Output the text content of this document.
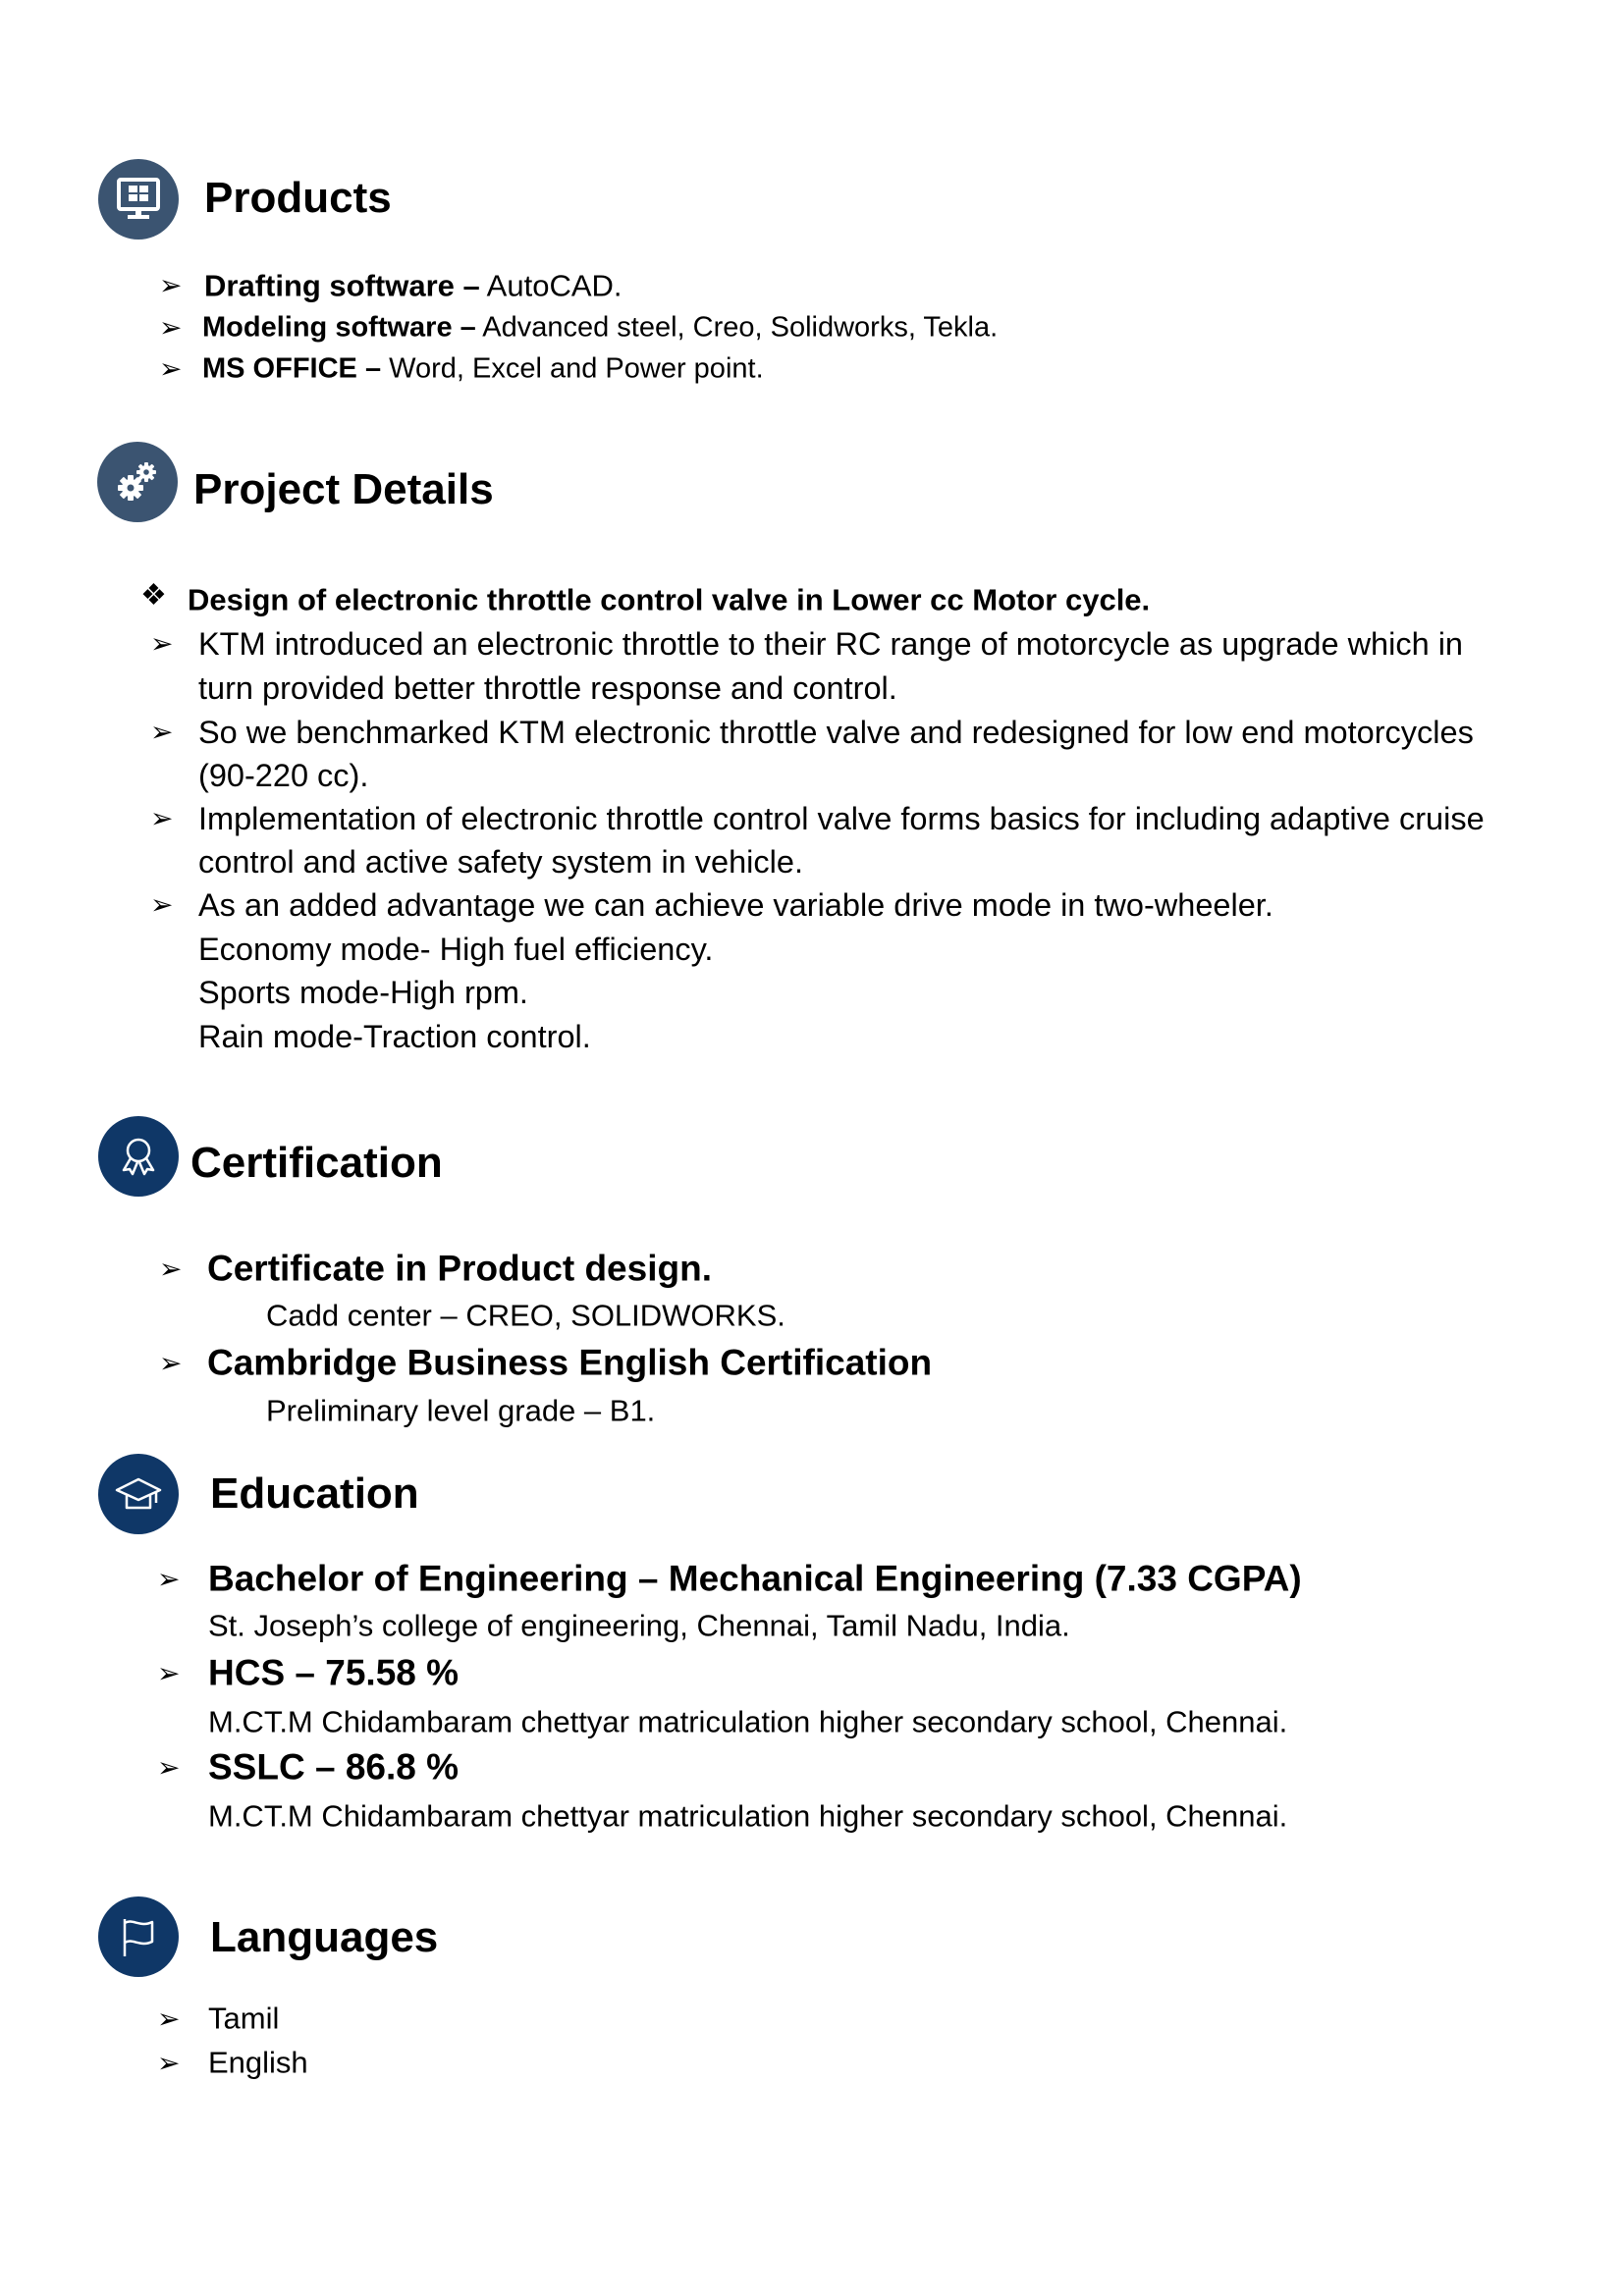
Products
➢ Drafting software – AutoCAD.
➢ Modeling software – Advanced steel, Creo, Solidworks, Tekla.
➢ MS OFFICE – Word, Excel and Power point.
Project Details
❖ Design of electronic throttle control valve in Lower cc Motor cycle.
➢ KTM introduced an electronic throttle to their RC range of motorcycle as upgrade which in
turn provided better throttle response and control.
➢ So we benchmarked KTM electronic throttle valve and redesigned for low end motorcycles
(90-220 cc).
➢ Implementation of electronic throttle control valve forms basics for including adaptive cruise
control and active safety system in vehicle.
➢ As an added advantage we can achieve variable drive mode in two-wheeler.
Economy mode- High fuel efficiency.
Sports mode-High rpm.
Rain mode-Traction control.
Certification
➢ Certificate in Product design.
Cadd center – CREO, SOLIDWORKS.
➢ Cambridge Business English Certification
Preliminary level grade – B1.
Education
➢ Bachelor of Engineering – Mechanical Engineering (7.33 CGPA)
St. Joseph’s college of engineering, Chennai, Tamil Nadu, India.
➢ HCS – 75.58 %
M.CT.M Chidambaram chettyar matriculation higher secondary school, Chennai.
➢ SSLC – 86.8 %
M.CT.M Chidambaram chettyar matriculation higher secondary school, Chennai.
Languages
➢ Tamil
➢ English
